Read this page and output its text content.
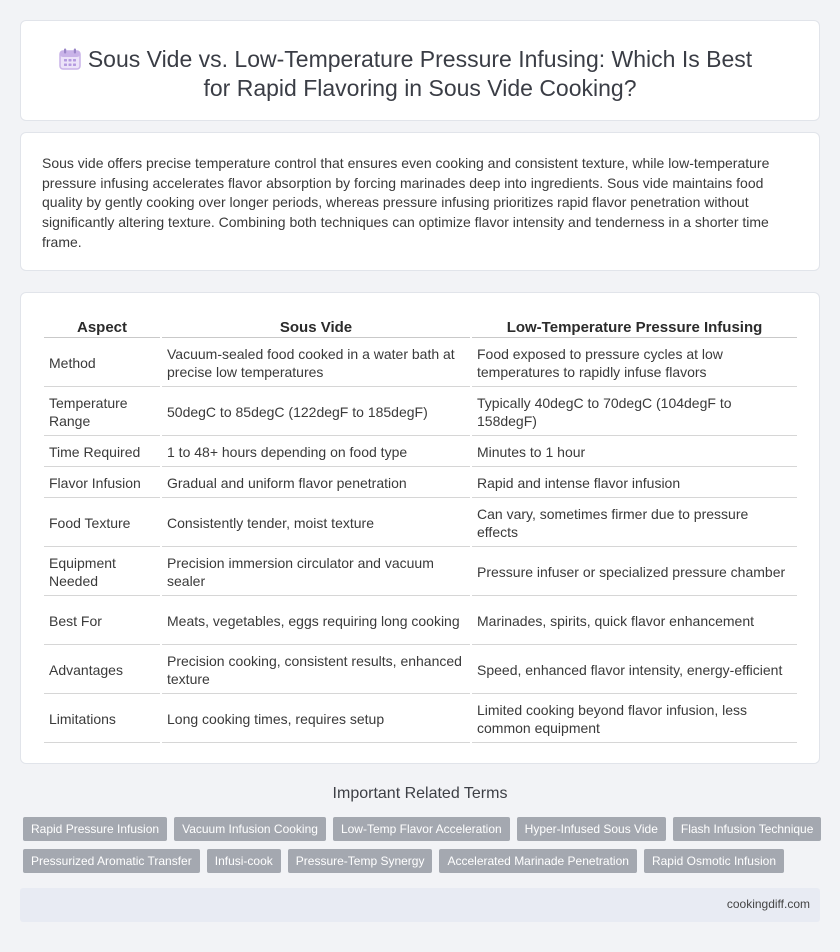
Sous Vide vs. Low-Temperature Pressure Infusing: Which Is Best
for Rapid Flavoring in Sous Vide Cooking?

Sous vide offers precise temperature control that ensures even cooking and consistent texture, while low-temperature pressure infusing accelerates flavor absorption by forcing marinades deep into ingredients. Sous vide maintains food quality by gently cooking over longer periods, whereas pressure infusing prioritizes rapid flavor penetration without significantly altering texture. Combining both techniques can optimize flavor intensity and tenderness in a shorter time frame.

Aspect	Sous Vide	Low-Temperature Pressure Infusing
Method	Vacuum-sealed food cooked in a water bath at precise low temperatures	Food exposed to pressure cycles at low temperatures to rapidly infuse flavors
Temperature Range	50degC to 85degC (122degF to 185degF)	Typically 40degC to 70degC (104degF to 158degF)
Time Required	1 to 48+ hours depending on food type	Minutes to 1 hour
Flavor Infusion	Gradual and uniform flavor penetration	Rapid and intense flavor infusion
Food Texture	Consistently tender, moist texture	Can vary, sometimes firmer due to pressure effects
Equipment Needed	Precision immersion circulator and vacuum sealer	Pressure infuser or specialized pressure chamber
Best For	Meats, vegetables, eggs requiring long cooking	Marinades, spirits, quick flavor enhancement
Advantages	Precision cooking, consistent results, enhanced texture	Speed, enhanced flavor intensity, energy-efficient
Limitations	Long cooking times, requires setup	Limited cooking beyond flavor infusion, less common equipment
Important Related Terms
Rapid Pressure Infusion	Vacuum Infusion Cooking	Low-Temp Flavor Acceleration	Hyper-Infused Sous Vide	Flash Infusion Technique
Pressurized Aromatic Transfer	Infusi-cook	Pressure-Temp Synergy	Accelerated Marinade Penetration	Rapid Osmotic Infusion
cookingdiff.com
